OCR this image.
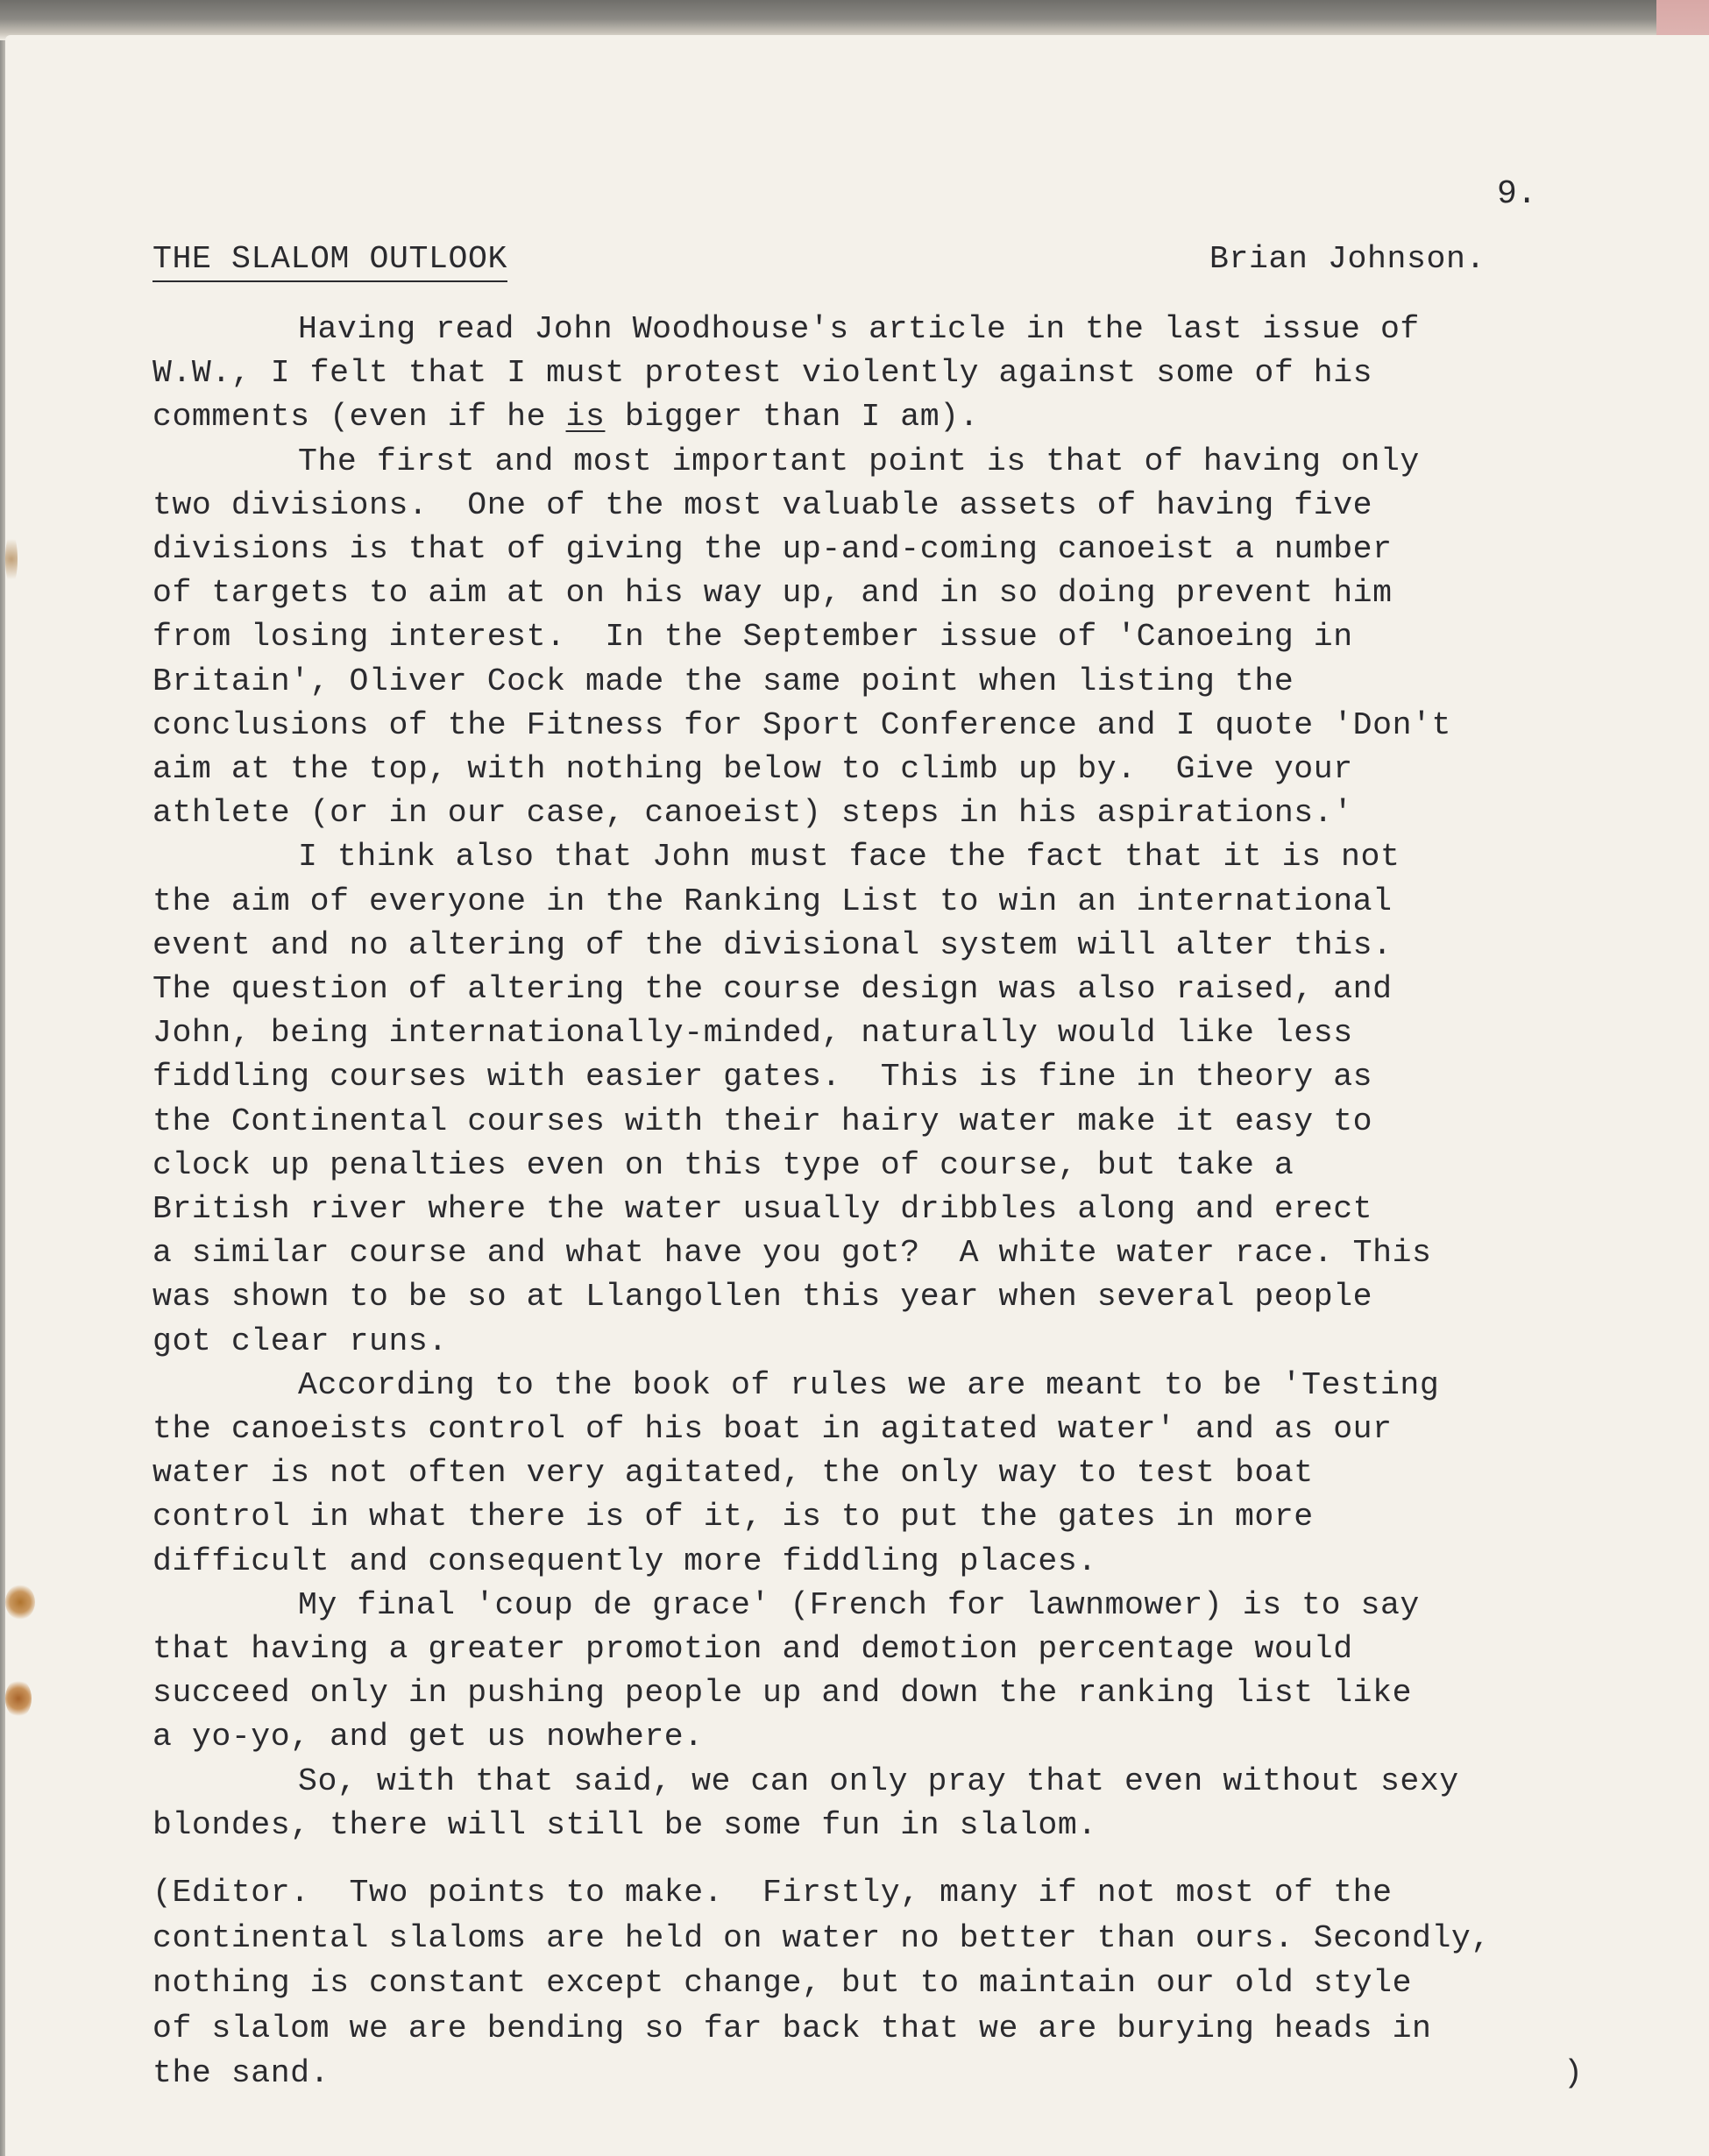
9.
THE SLALOM OUTLOOK	Brian Johnson.
Having read John Woodhouse's article in the last issue of
W.W., I felt that I must protest violently against some of his
comments (even if he is bigger than I am).
The first and most important point is that of having only
two divisions.  One of the most valuable assets of having five
divisions is that of giving the up-and-coming canoeist a number
of targets to aim at on his way up, and in so doing prevent him
from losing interest.  In the September issue of 'Canoeing in
Britain', Oliver Cock made the same point when listing the
conclusions of the Fitness for Sport Conference and I quote 'Don't
aim at the top, with nothing below to climb up by.  Give your
athlete (or in our case, canoeist) steps in his aspirations.'
I think also that John must face the fact that it is not
the aim of everyone in the Ranking List to win an international
event and no altering of the divisional system will alter this.
The question of altering the course design was also raised, and
John, being internationally-minded, naturally would like less
fiddling courses with easier gates.  This is fine in theory as
the Continental courses with their hairy water make it easy to
clock up penalties even on this type of course, but take a
British river where the water usually dribbles along and erect
a similar course and what have you got?  A white water race. This
was shown to be so at Llangollen this year when several people
got clear runs.
According to the book of rules we are meant to be 'Testing
the canoeists control of his boat in agitated water' and as our
water is not often very agitated, the only way to test boat
control in what there is of it, is to put the gates in more
difficult and consequently more fiddling places.
My final 'coup de grace' (French for lawnmower) is to say
that having a greater promotion and demotion percentage would
succeed only in pushing people up and down the ranking list like
a yo-yo, and get us nowhere.
So, with that said, we can only pray that even without sexy
blondes, there will still be some fun in slalom.
(Editor.  Two points to make.  Firstly, many if not most of the
continental slaloms are held on water no better than ours. Secondly,
nothing is constant except change, but to maintain our old style
of slalom we are bending so far back that we are burying heads in
the sand.	)
